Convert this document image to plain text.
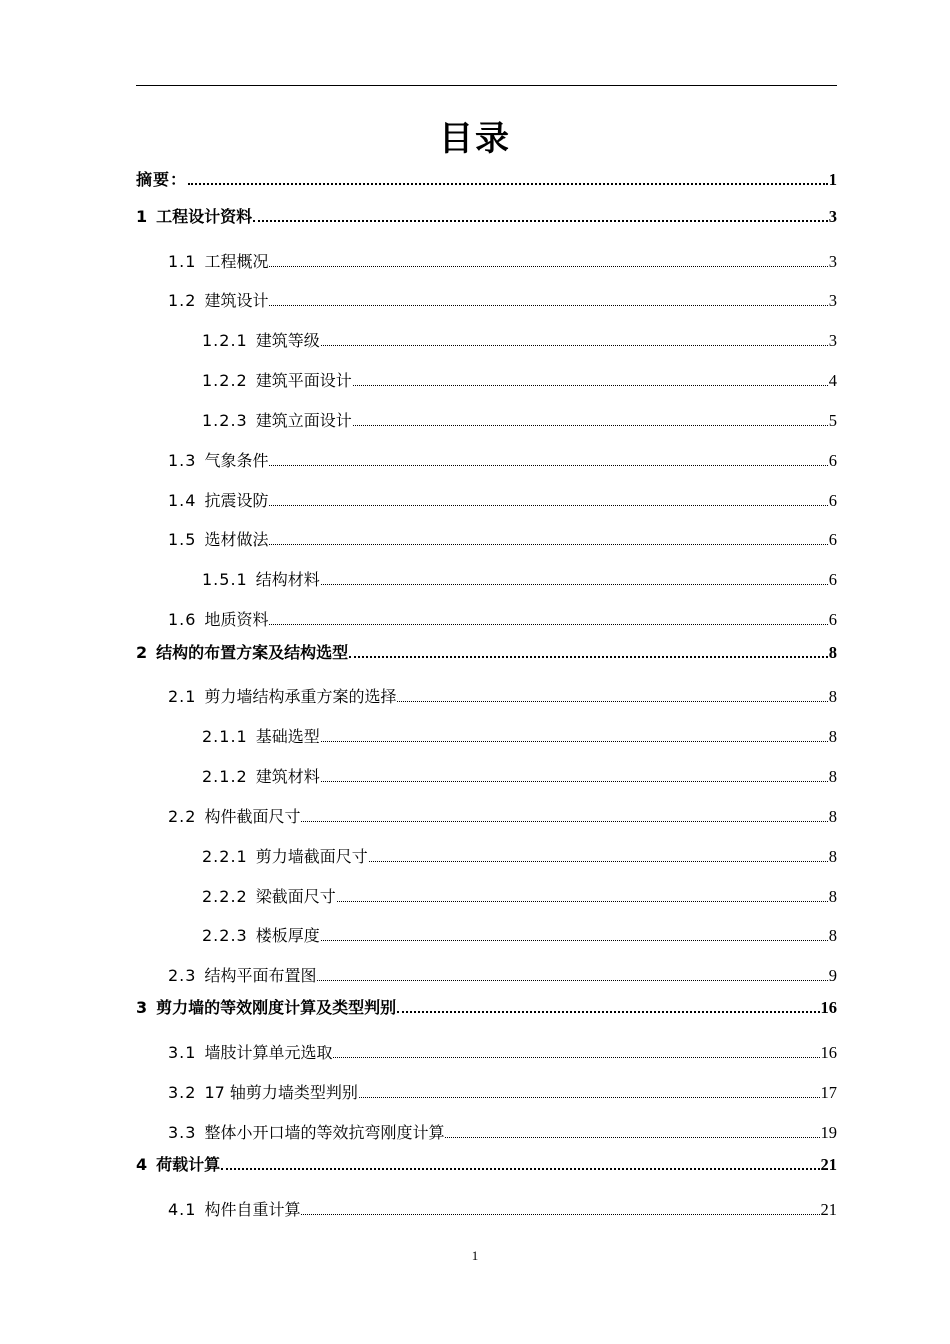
目录
摘要：	1
1 工程设计资料	3
1.1 工程概况	3
1.2 建筑设计	3
1.2.1 建筑等级	3
1.2.2 建筑平面设计	4
1.2.3 建筑立面设计	5
1.3 气象条件	6
1.4 抗震设防	6
1.5 选材做法	6
1.5.1 结构材料	6
1.6 地质资料	6
2 结构的布置方案及结构选型	8
2.1 剪力墙结构承重方案的选择	8
2.1.1 基础选型	8
2.1.2 建筑材料	8
2.2 构件截面尺寸	8
2.2.1 剪力墙截面尺寸	8
2.2.2 梁截面尺寸	8
2.2.3 楼板厚度	8
2.3 结构平面布置图	9
3 剪力墙的等效刚度计算及类型判别	16
3.1 墙肢计算单元选取	16
3.2 17 轴剪力墙类型判别	17
3.3 整体小开口墙的等效抗弯刚度计算	19
4 荷载计算	21
4.1 构件自重计算	21
1
